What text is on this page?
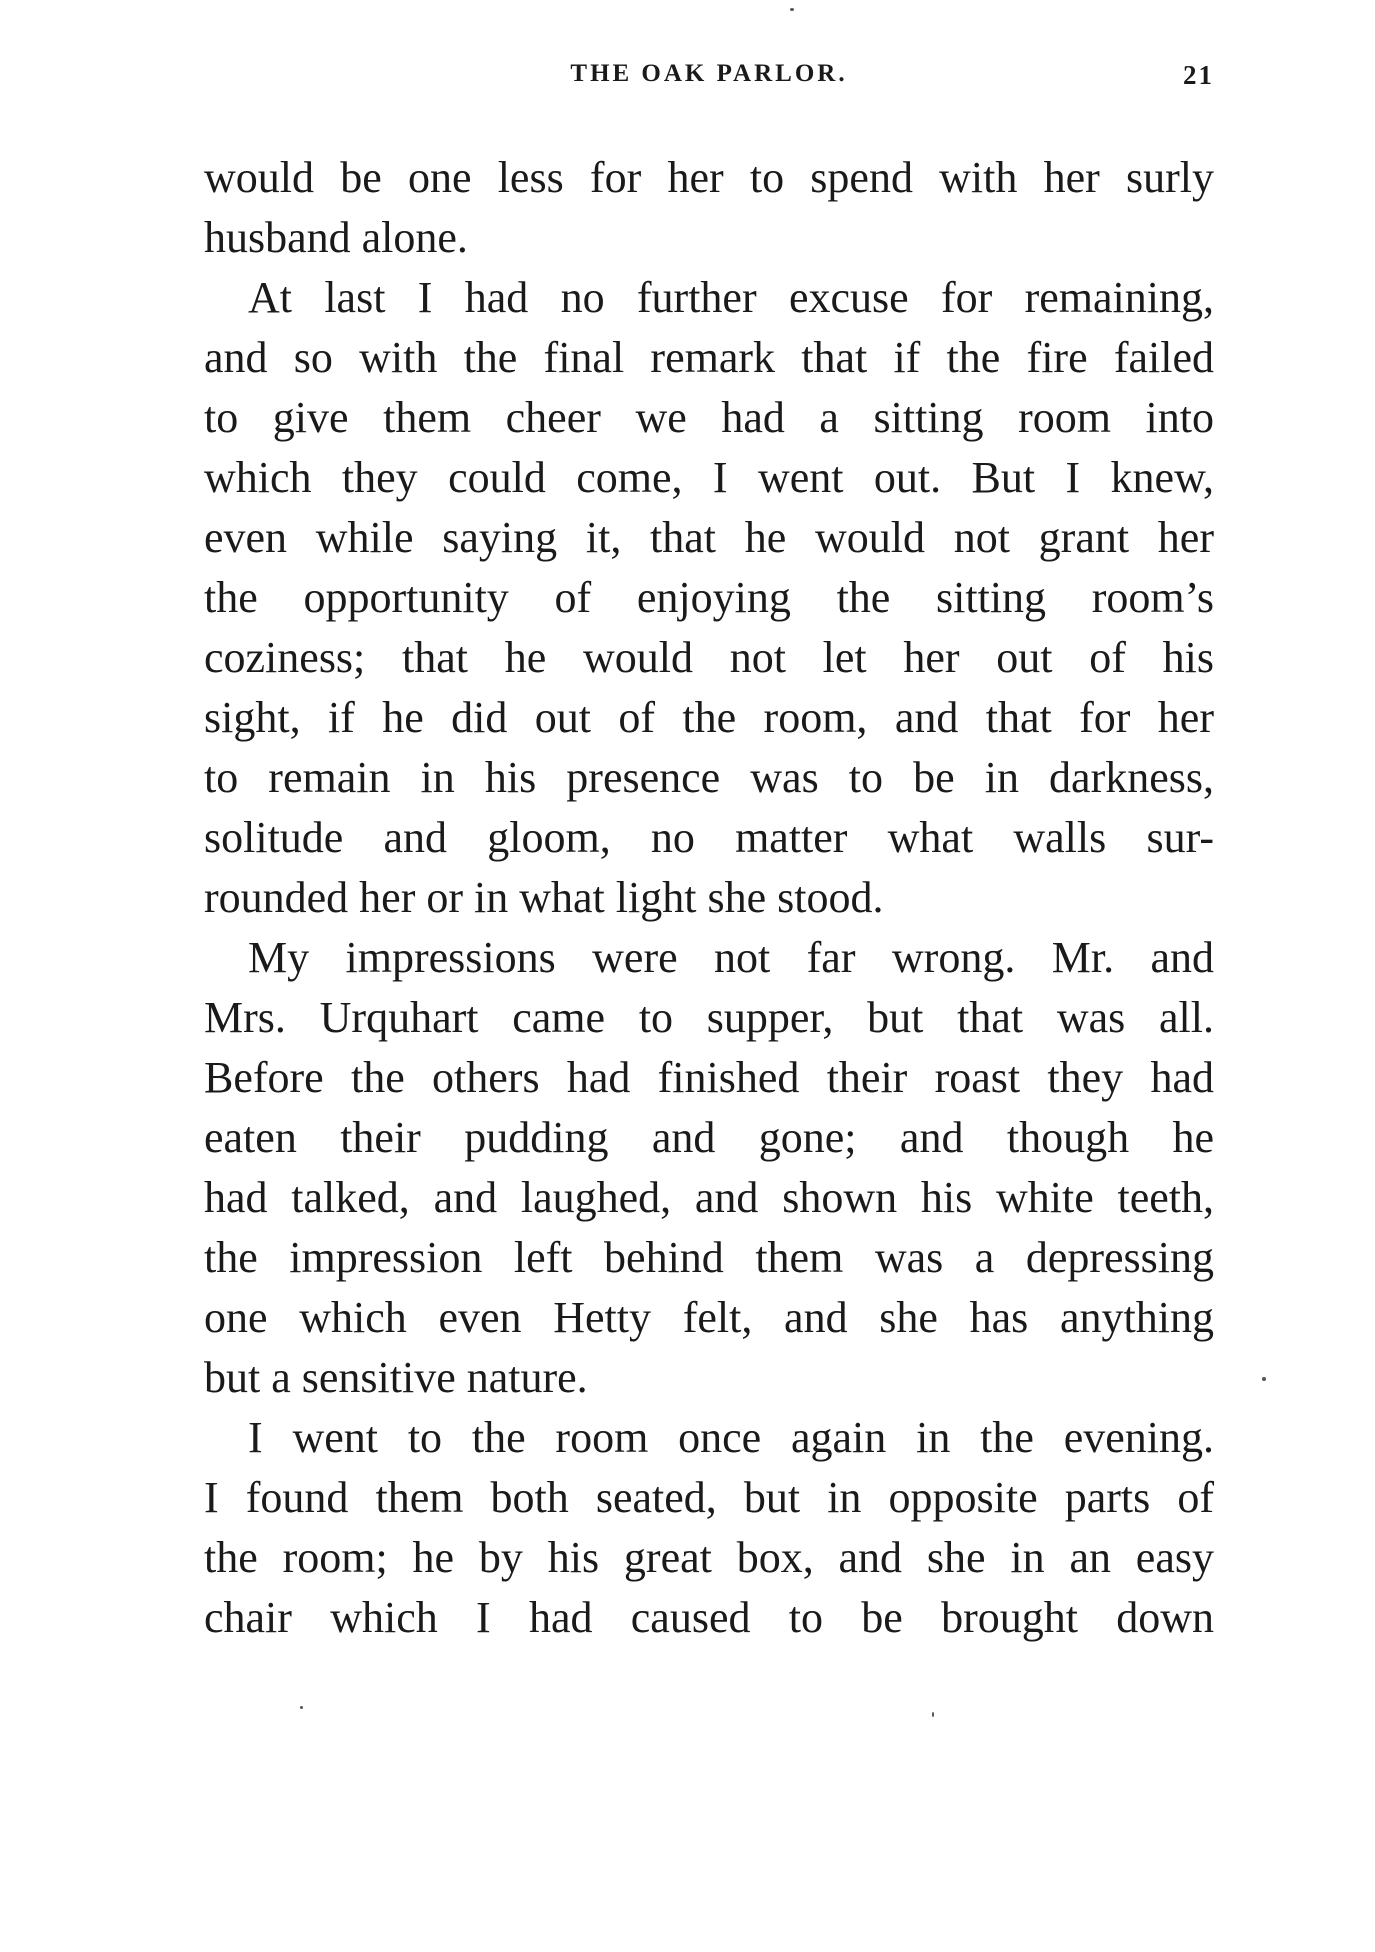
THE OAK PARLOR.	21
would be one less for her to spend with her surly
husband alone.
At last I had no further excuse for remaining,
and so with the final remark that if the fire failed
to give them cheer we had a sitting room into
which they could come, I went out. But I knew,
even while saying it, that he would not grant her
the opportunity of enjoying the sitting room’s
coziness; that he would not let her out of his
sight, if he did out of the room, and that for her
to remain in his presence was to be in darkness,
solitude and gloom, no matter what walls sur-
rounded her or in what light she stood.
My impressions were not far wrong. Mr. and
Mrs. Urquhart came to supper, but that was all.
Before the others had finished their roast they had
eaten their pudding and gone; and though he
had talked, and laughed, and shown his white teeth,
the impression left behind them was a depressing
one which even Hetty felt, and she has anything
but a sensitive nature.
I went to the room once again in the evening.
I found them both seated, but in opposite parts of
the room; he by his great box, and she in an easy
chair which I had caused to be brought down
